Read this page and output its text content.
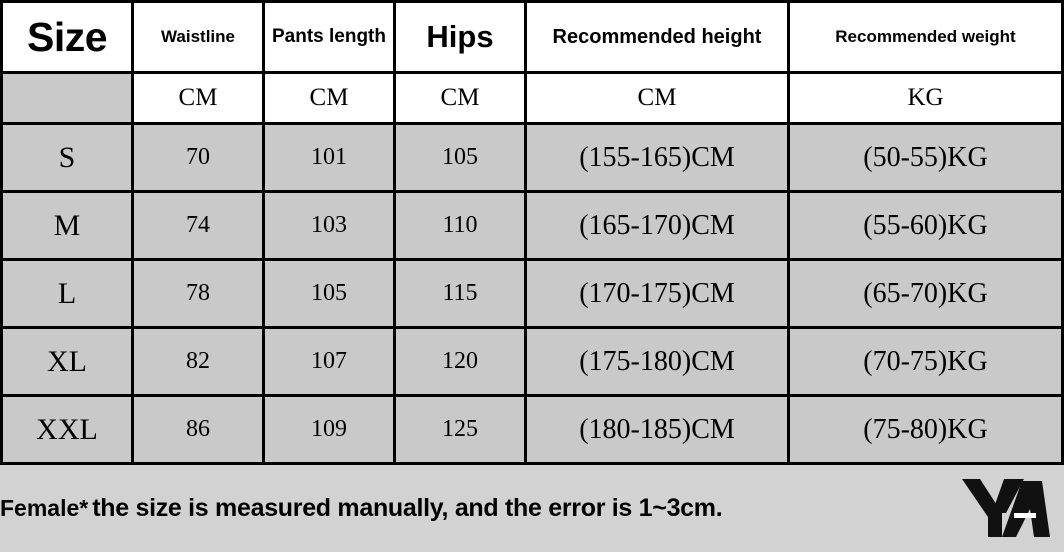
Size	Waistline	Pants length	Hips	Recommended height	Recommended weight
	CM	CM	CM	CM	KG
S	70	101	105	(155-165)CM	(50-55)KG
M	74	103	110	(165-170)CM	(55-60)KG
L	78	105	115	(170-175)CM	(65-70)KG
XL	82	107	120	(175-180)CM	(70-75)KG
XXL	86	109	125	(180-185)CM	(75-80)KG
Female* the size is measured manually, and the error is 1~3cm.
